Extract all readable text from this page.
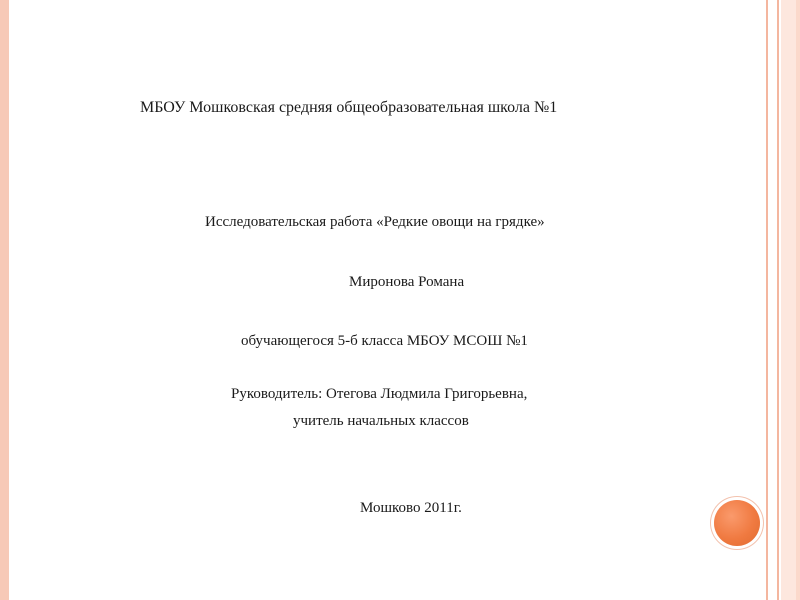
МБОУ Мошковская средняя общеобразовательная школа №1
Исследовательская работа «Редкие овощи на грядке»
Миронова Романа
обучающегося 5-б класса МБОУ МСОШ №1
Руководитель: Отегова Людмила Григорьевна,
учитель начальных классов
Мошково 2011г.
